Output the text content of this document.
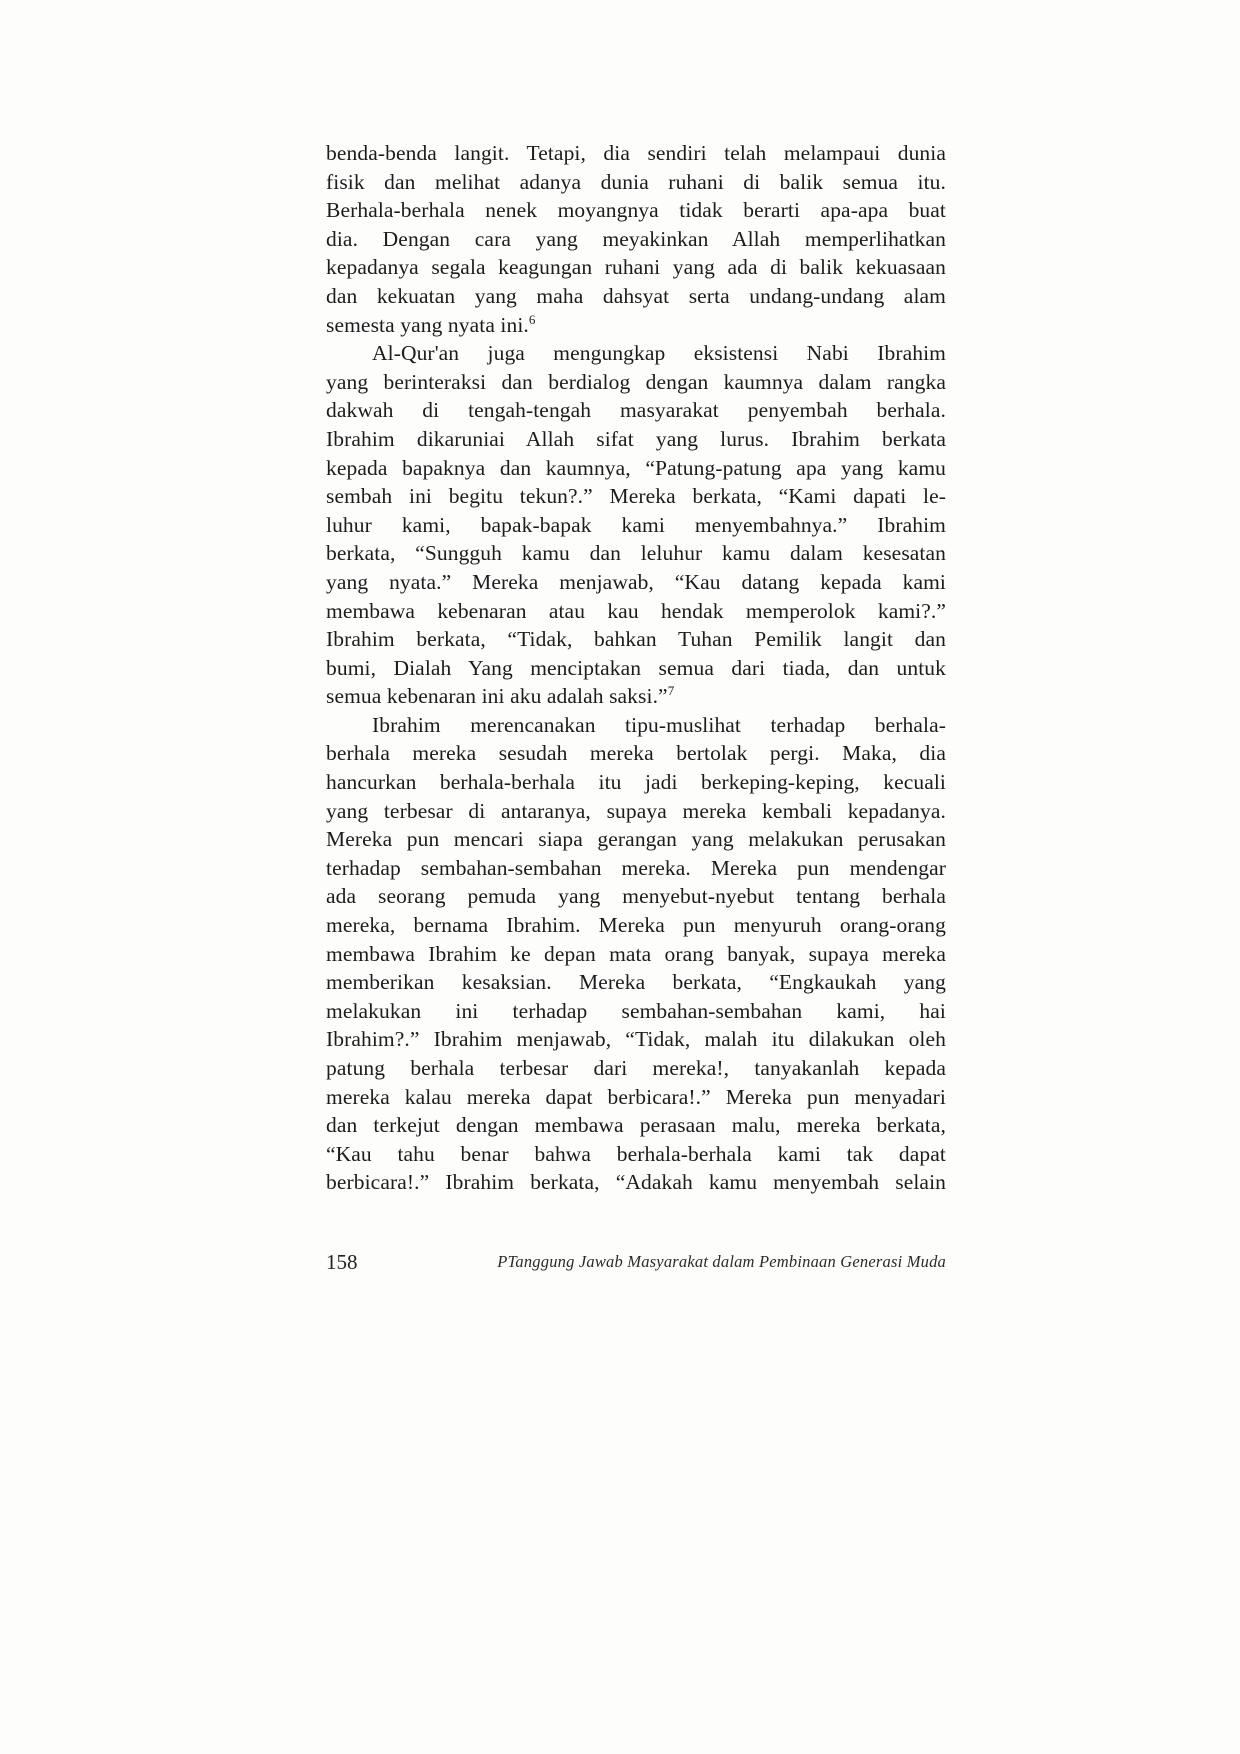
benda-benda langit. Tetapi, dia sendiri telah melampaui dunia
fisik dan melihat adanya dunia ruhani di balik semua itu.
Berhala-berhala nenek moyangnya tidak berarti apa-apa buat
dia. Dengan cara yang meyakinkan Allah memperlihatkan
kepadanya segala keagungan ruhani yang ada di balik kekuasaan
dan kekuatan yang maha dahsyat serta undang-undang alam
semesta yang nyata ini.$^6$
Al-Qur'an juga mengungkap eksistensi Nabi Ibrahim
yang berinteraksi dan berdialog dengan kaumnya dalam rangka
dakwah di tengah-tengah masyarakat penyembah berhala.
Ibrahim dikaruniai Allah sifat yang lurus. Ibrahim berkata
kepada bapaknya dan kaumnya, “Patung-patung apa yang kamu
sembah ini begitu tekun?.” Mereka berkata, “Kami dapati le-
luhur kami, bapak-bapak kami menyembahnya.” Ibrahim
berkata, “Sungguh kamu dan leluhur kamu dalam kesesatan
yang nyata.” Mereka menjawab, “Kau datang kepada kami
membawa kebenaran atau kau hendak memperolok kami?.”
Ibrahim berkata, “Tidak, bahkan Tuhan Pemilik langit dan
bumi, Dialah Yang menciptakan semua dari tiada, dan untuk
semua kebenaran ini aku adalah saksi.”$^7$
Ibrahim merencanakan tipu-muslihat terhadap berhala-
berhala mereka sesudah mereka bertolak pergi. Maka, dia
hancurkan berhala-berhala itu jadi berkeping-keping, kecuali
yang terbesar di antaranya, supaya mereka kembali kepadanya.
Mereka pun mencari siapa gerangan yang melakukan perusakan
terhadap sembahan-sembahan mereka. Mereka pun mendengar
ada seorang pemuda yang menyebut-nyebut tentang berhala
mereka, bernama Ibrahim. Mereka pun menyuruh orang-orang
membawa Ibrahim ke depan mata orang banyak, supaya mereka
memberikan kesaksian. Mereka berkata, “Engkaukah yang
melakukan ini terhadap sembahan-sembahan kami, hai
Ibrahim?.” Ibrahim menjawab, “Tidak, malah itu dilakukan oleh
patung berhala terbesar dari mereka!, tanyakanlah kepada
mereka kalau mereka dapat berbicara!.” Mereka pun menyadari
dan terkejut dengan membawa perasaan malu, mereka berkata,
“Kau tahu benar bahwa berhala-berhala kami tak dapat
berbicara!.” Ibrahim berkata, “Adakah kamu menyembah selain
158	PTanggung Jawab Masyarakat dalam Pembinaan Generasi Muda
